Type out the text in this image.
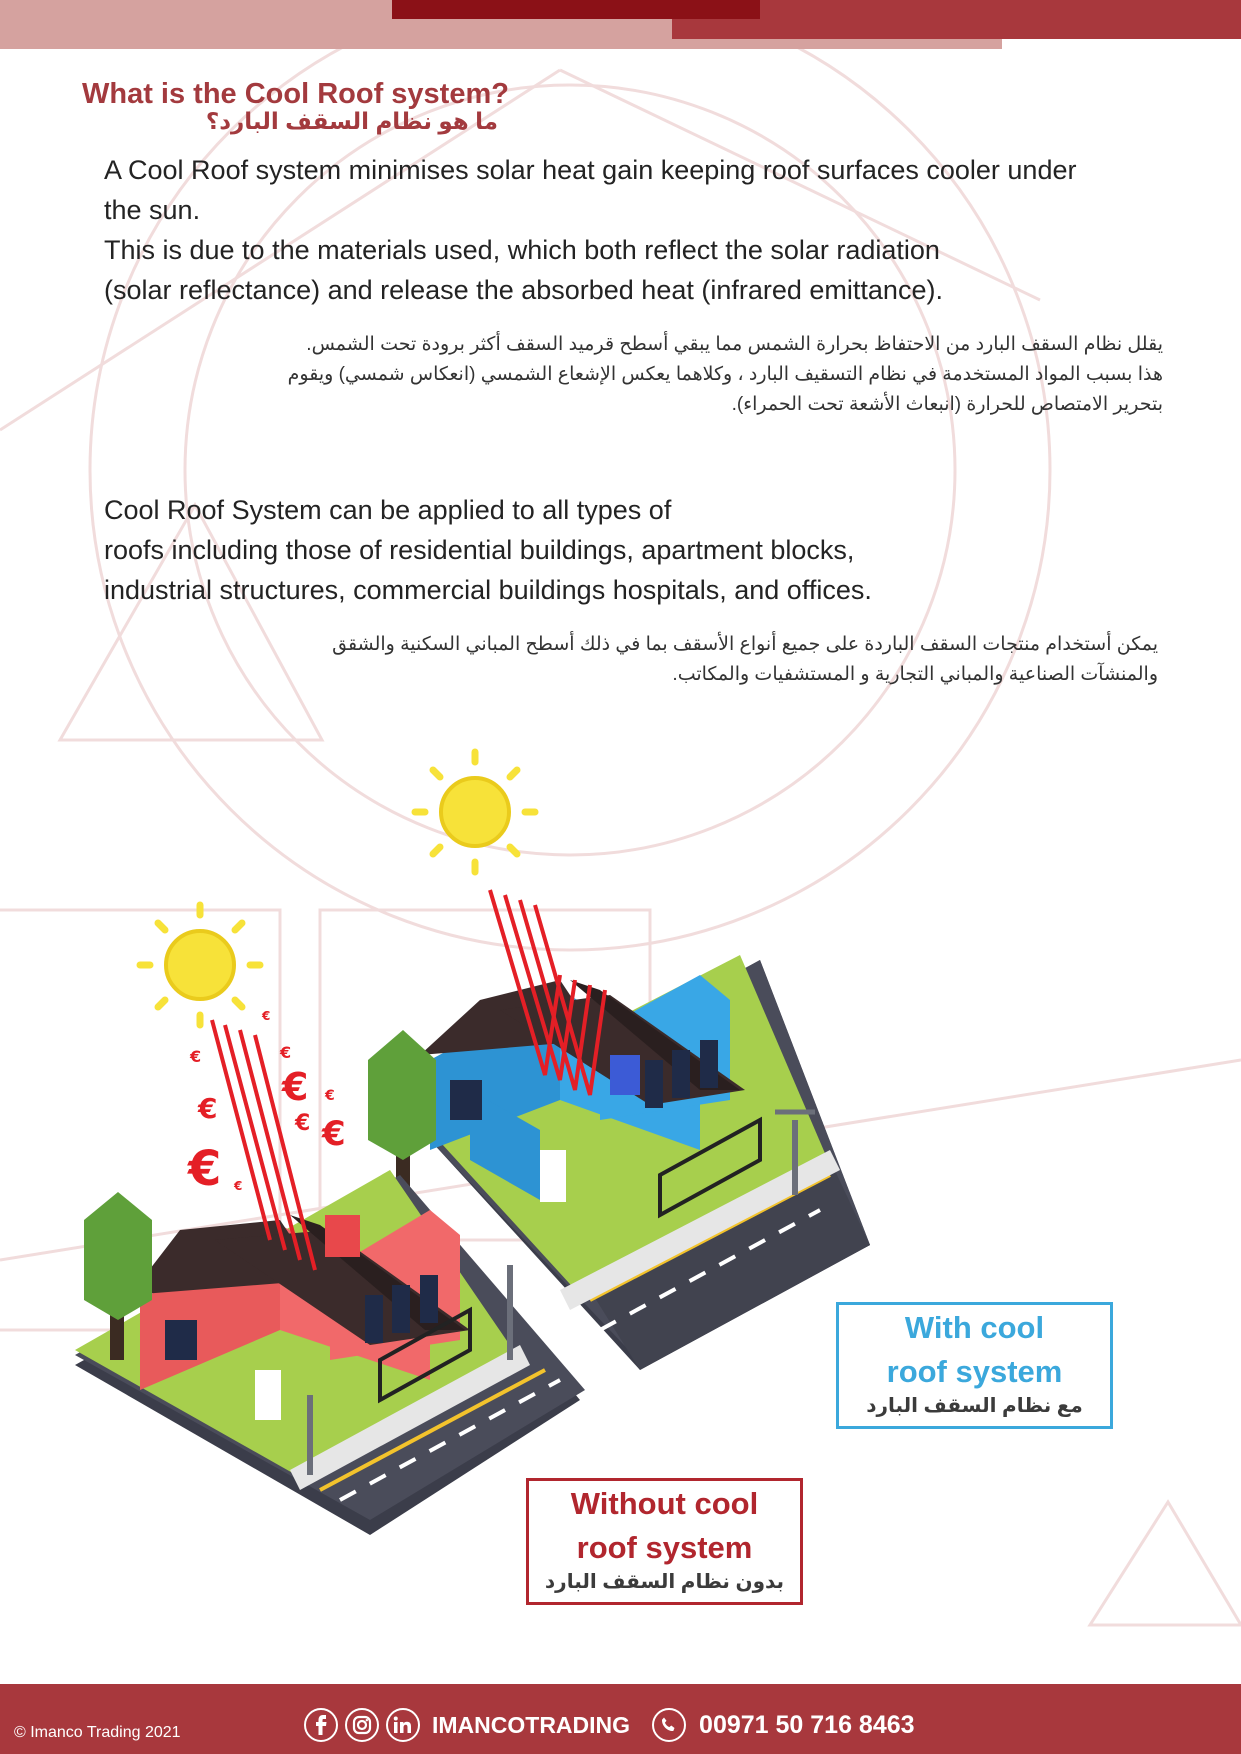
What is the Cool Roof system?
ما هو نظام السقف البارد؟

A Cool Roof system minimises solar heat gain keeping roof surfaces cooler under
the sun.
This is due to the materials used, which both reflect the solar radiation
(solar reflectance) and release the absorbed heat (infrared emittance).

يقلل نظام السقف البارد من الاحتفاظ بحرارة الشمس مما يبقي أسطح قرميد السقف أكثر برودة تحت الشمس.
هذا بسبب المواد المستخدمة في نظام التسقيف البارد ، وكلاهما يعكس الإشعاع الشمسي (انعكاس شمسي) ويقوم
بتحرير الامتصاص للحرارة (انبعاث الأشعة تحت الحمراء).

Cool Roof System can be applied to all types of
roofs including those of residential buildings, apartment blocks,
industrial structures, commercial buildings hospitals, and offices.

يمكن أستخدام منتجات السقف الباردة على جميع أنواع الأسقف بما في ذلك أسطح المباني السكنية والشقق
والمنشآت الصناعية والمباني التجارية و المستشفيات والمكاتب.

€
€
€
€	€
€	€
€
€
€
With cool
roof system
مع نظام السقف البارد
Without cool
roof system
بدون نظام السقف البارد
© Imanco Trading 2021	IMANCOTRADING	00971 50 716 8463
